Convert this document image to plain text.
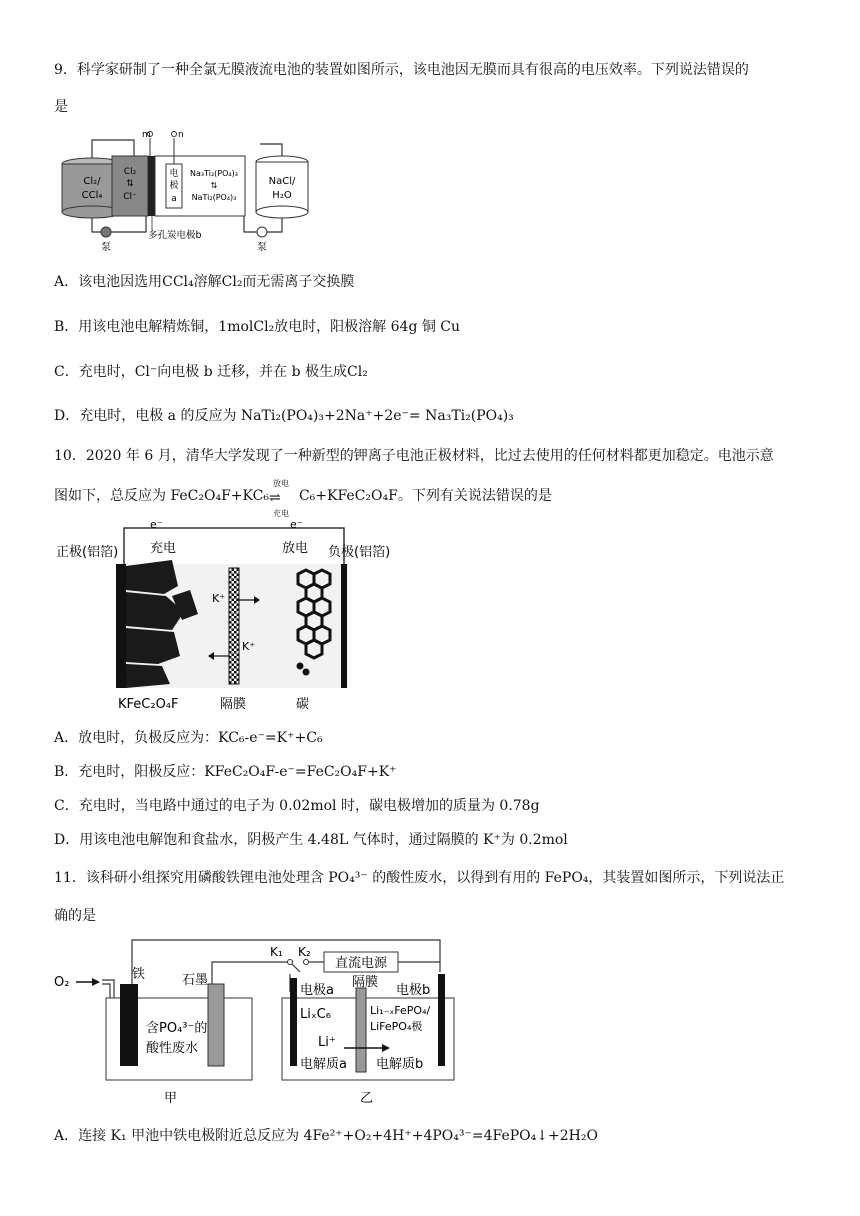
9．科学家研制了一种全氯无膜液流电池的装置如图所示，该电池因无膜而具有很高的电压效率。下列说法错误的
是
Cl₂/
CCl₄
泵	泵
Cl₂
⇅
Cl⁻
电
极
a
Na₃Ti₂(PO₄)₃
⇅
NaTi₂(PO₄)₃
m	n
NaCl/
H₂O
多孔炭电极b
A．该电池因选用CCl₄溶解Cl₂而无需离子交换膜
B．用该电池电解精炼铜，1molCl₂放电时，阳极溶解 64g 铜 Cu
C．充电时，Cl⁻向电极 b 迁移，并在 b 极生成Cl₂
D．充电时，电极 a 的反应为 NaTi₂(PO₄)₃+2Na⁺+2e⁻= Na₃Ti₂(PO₄)₃
10．2020 年 6 月，清华大学发现了一种新型的钾离子电池正极材料，比过去使用的任何材料都更加稳定。电池示意
图如下，总反应为 FeC₂O₄F+KC₆
放电
⇌
充电
C₆+KFeC₂O₄F。下列有关说法错误的是
e⁻
充电
e⁻
放电
正极(铝箔)	负极(铝箔)
K⁺
K⁺
KFeC₂O₄F	隔膜	碳
A．放电时，负极反应为：KC₆-e⁻=K⁺+C₆
B．充电时，阳极反应：KFeC₂O₄F-e⁻=FeC₂O₄F+K⁺
C．充电时，当电路中通过的电子为 0.02mol 时，碳电极增加的质量为 0.78g
D．用该电池电解饱和食盐水，阴极产生 4.48L 气体时，通过隔膜的 K⁺为 0.2mol
11．该科研小组探究用磷酸铁锂电池处理含 PO₄³⁻ 的酸性废水，以得到有用的 FePO₄，其装置如图所示，下列说法正
确的是
直流电源
K₁ K₂
O₂
铁	石墨
含PO₄³⁻的
酸性废水
甲
电极a
隔膜
电极b
LiₓC₆	Li₁₋ₓFePO₄/
LiFePO₄极
Li⁺
电解质a 电解质b
乙
A．连接 K₁ 甲池中铁电极附近总反应为 4Fe²⁺+O₂+4H⁺+4PO₄³⁻=4FePO₄↓+2H₂O
